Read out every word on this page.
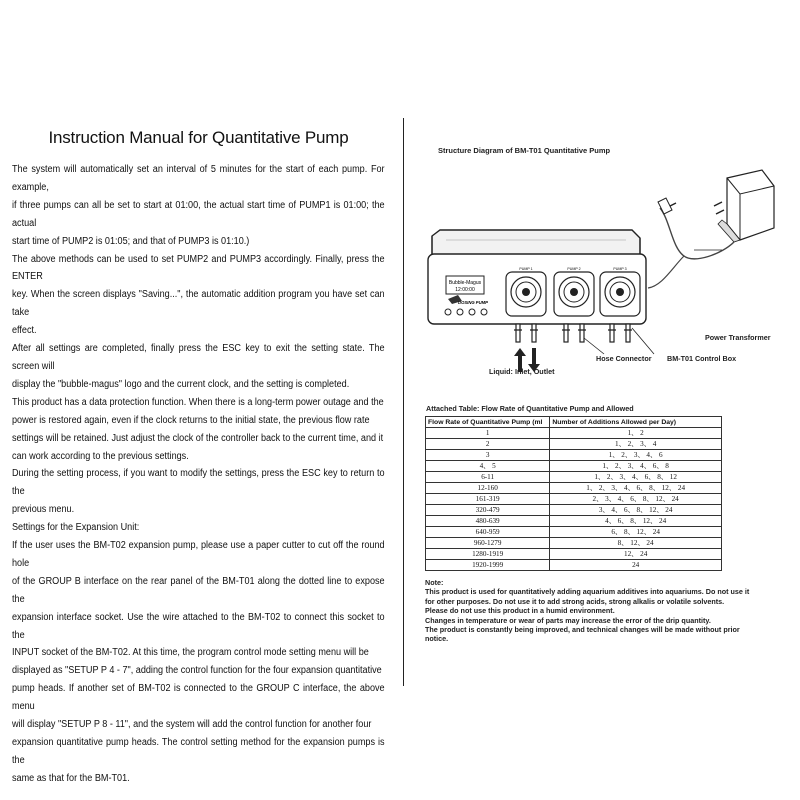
Instruction Manual for Quantitative Pump

The system will automatically set an interval of 5 minutes for the start of each pump. For example,

if three pumps can all be set to start at 01:00, the actual start time of PUMP1 is 01:00; the actual

start time of PUMP2 is 01:05; and that of PUMP3 is 01:10.)

The above methods can be used to set PUMP2 and PUMP3 accordingly. Finally, press the ENTER

key. When the screen displays "Saving...", the automatic addition program you have set can take

effect.

After all settings are completed, finally press the ESC key to exit the setting state. The screen will

display the "bubble-magus" logo and the current clock, and the setting is completed.

This product has a data protection function. When there is a long-term power outage and the

power is restored again, even if the clock returns to the initial state, the previous flow rate

settings will be retained. Just adjust the clock of the controller back to the current time, and it

can work according to the previous settings.

During the setting process, if you want to modify the settings, press the ESC key to return to the

previous menu.

Settings for the Expansion Unit:

If the user uses the BM-T02 expansion pump, please use a paper cutter to cut off the round hole

of the GROUP B interface on the rear panel of the BM-T01 along the dotted line to expose the

expansion interface socket. Use the wire attached to the BM-T02 to connect this socket to the

INPUT socket of the BM-T02. At this time, the program control mode setting menu will be

displayed as "SETUP P 4 - 7", adding the control function for the four expansion quantitative

pump heads. If another set of BM-T02 is connected to the GROUP C interface, the above menu

will display "SETUP P 8 - 11", and the system will add the control function for another four

expansion quantitative pump heads. The control setting method for the expansion pumps is the

same as that for the BM-T01.

Structure Diagram of BM-T01 Quantitative Pump
Bubble-Magus
12:00:00
DOSING PUMP
PUMP 1	PUMP 2	PUMP 3
Power Transformer
Hose Connector BM-T01 Control Box
Liquid: Inlet, Outlet
Attached Table: Flow Rate of Quantitative Pump and Allowed
Flow Rate of Quantitative Pump (ml	Number of Additions Allowed per Day)
1	1、 2
2	1、 2、 3、 4
3	1、 2、 3、 4、 6
4、 5	1、 2、 3、 4、 6、 8
6-11	1、 2、 3、 4、 6、 8、 12
12-160	1、 2、 3、 4、 6、 8、 12、 24
161-319	2、 3、 4、 6、 8、 12、 24
320-479	3、 4、 6、 8、 12、 24
480-639	4、 6、 8、 12、 24
640-959	6、 8、 12、 24
960-1279	8、 12、 24
1280-1919	12、 24
1920-1999	24
Note:
This product is used for quantitatively adding aquarium additives into aquariums. Do not use it
for other purposes. Do not use it to add strong acids, strong alkalis or volatile solvents.
Please do not use this product in a humid environment.
Changes in temperature or wear of parts may increase the error of the drip quantity.
The product is constantly being improved, and technical changes will be made without prior
notice.
